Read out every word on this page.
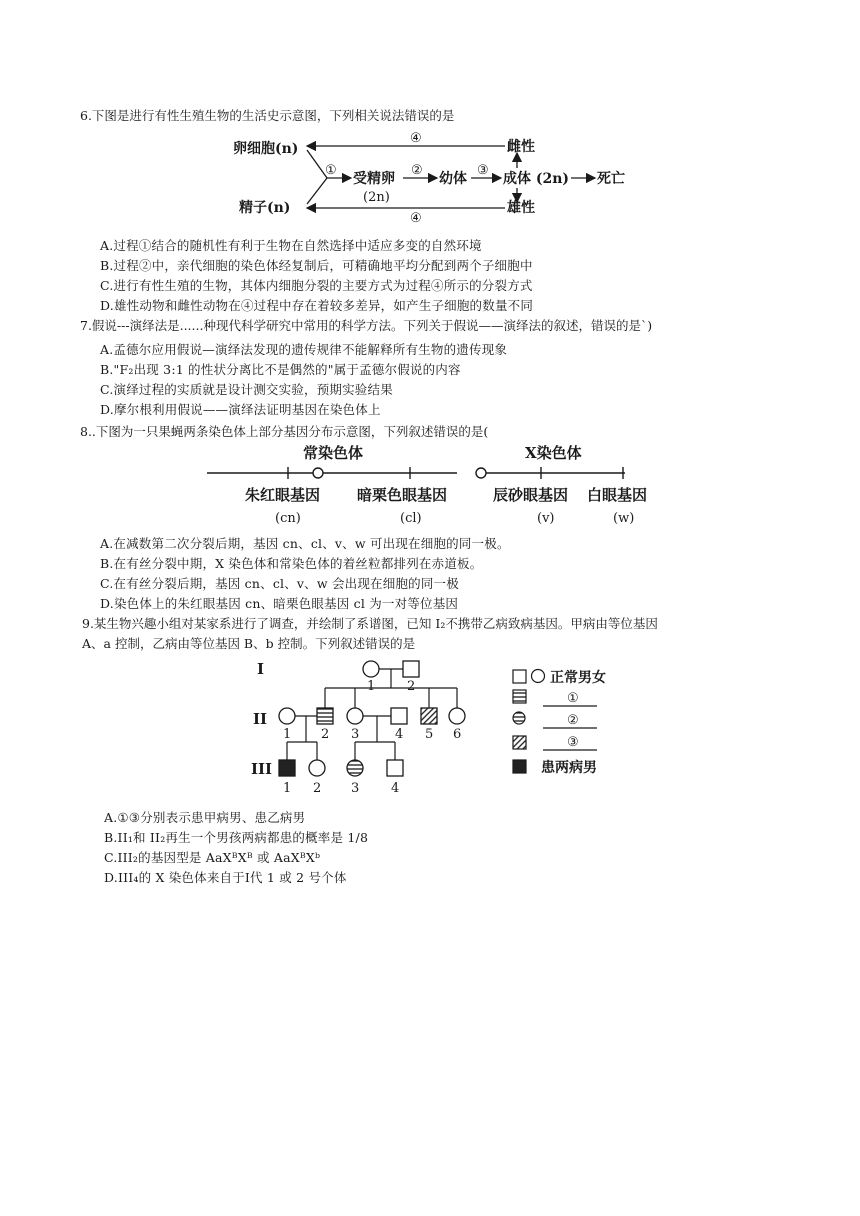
6.下图是进行有性生殖生物的生活史示意图，下列相关说法错误的是
卵细胞(n)
精子(n)
④
④
①
受精卵
(2n)
②
幼体
③
成体 (2n)
雌性
雄性
死亡
A.过程①结合的随机性有利于生物在自然选择中适应多变的自然环境
B.过程②中，亲代细胞的染色体经复制后，可精确地平均分配到两个子细胞中
C.进行有性生殖的生物，其体内细胞分裂的主要方式为过程④所示的分裂方式
D.雄性动物和雌性动物在④过程中存在着较多差异，如产生子细胞的数量不同
7.假说---演绎法是......种现代科学研究中常用的科学方法。下列关于假说——演绎法的叙述，错误的是`)
A.孟德尔应用假说—演绎法发现的遗传规律不能解释所有生物的遗传现象
B."F₂出现 3:1 的性状分离比不是偶然的"属于孟德尔假说的内容
C.演绎过程的实质就是设计测交实验，预期实验结果
D.摩尔根利用假说——演绎法证明基因在染色体上
8..下图为一只果蝇两条染色体上部分基因分布示意图，下列叙述错误的是(
常染色体
朱红眼基因
(cn)
暗栗色眼基因
(cl)
X染色体
辰砂眼基因
(v)
白眼基因
(w)
A.在减数第二次分裂后期，基因 cn、cl、v、w 可出现在细胞的同一极。
B.在有丝分裂中期，X 染色体和常染色体的着丝粒都排列在赤道板。
C.在有丝分裂后期，基因 cn、cl、v、w 会出现在细胞的同一极
D.染色体上的朱红眼基因 cn、暗栗色眼基因 cl 为一对等位基因
9.某生物兴趣小组对某家系进行了调查，并绘制了系谱图，已知 I₂不携带乙病致病基因。甲病由等位基因
A、a 控制，乙病由等位基因 B、b 控制。下列叙述错误的是
I
II
III
1 2
1 2 3	4 5 6
1 2 3 4
正常男女
①
②
③
患两病男
A.①③分别表示患甲病男、患乙病男
B.II₁和 II₂再生一个男孩两病都患的概率是 1/8
C.III₂的基因型是 AaXᴮXᴮ 或 AaXᴮXᵇ
D.III₄的 X 染色体来自于Ⅰ代 1 或 2 号个体
